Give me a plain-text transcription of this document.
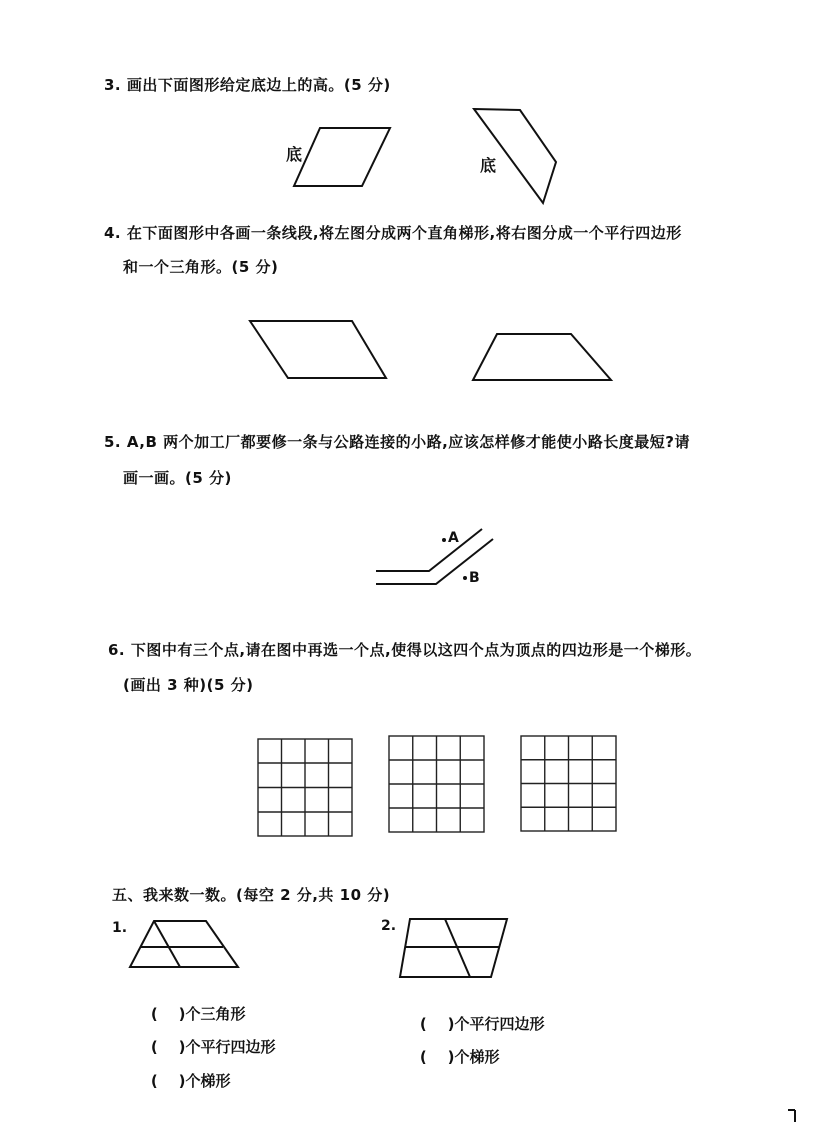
3. 画出下面图形给定底边上的高。(5 分)
底
底
4. 在下面图形中各画一条线段,将左图分成两个直角梯形,将右图分成一个平行四边形
和一个三角形。(5 分)
5. A,B 两个加工厂都要修一条与公路连接的小路,应该怎样修才能使小路长度最短?请
画一画。(5 分)
A
B
6. 下图中有三个点,请在图中再选一个点,使得以这四个点为顶点的四边形是一个梯形。
(画出 3 种)(5 分)
五、我来数一数。(每空 2 分,共 10 分)
1.	2.

(    )个三角形

(    )个平行四边形

(    )个梯形

(    )个平行四边形

(    )个梯形
